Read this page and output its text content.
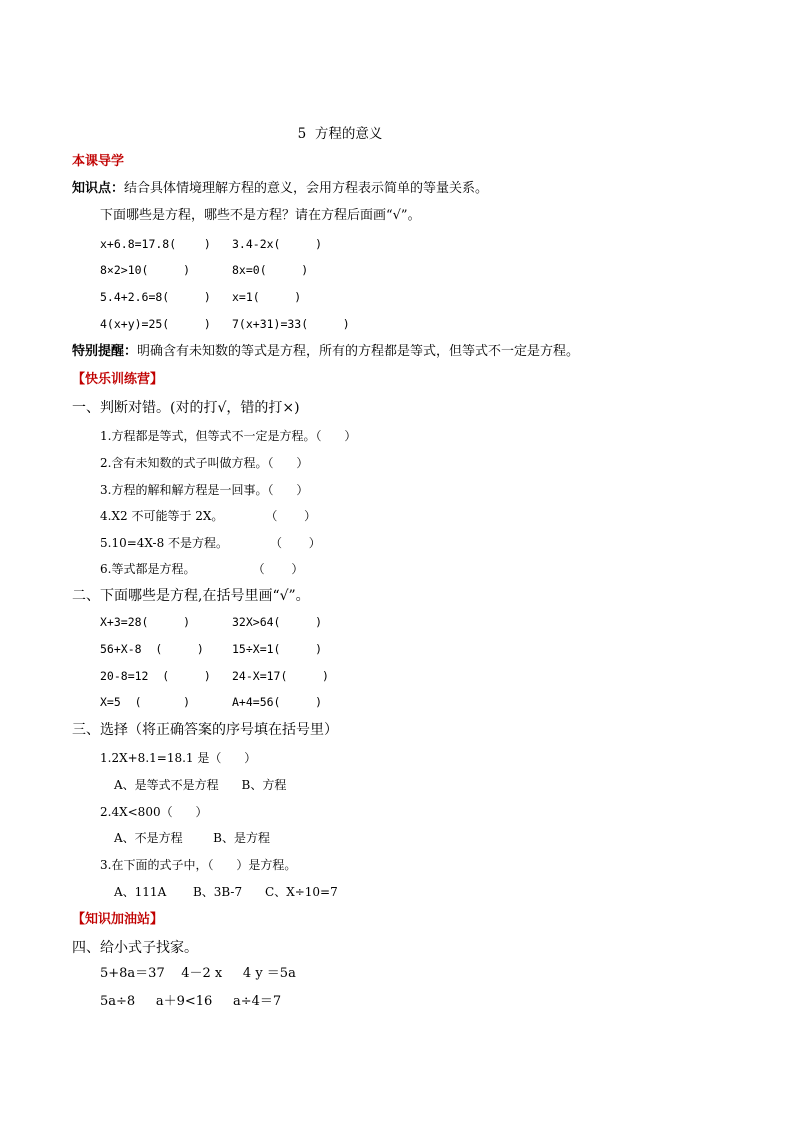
5  方程的意义
本课导学
知识点：结合具体情境理解方程的意义，会用方程表示简单的等量关系。
下面哪些是方程，哪些不是方程？请在方程后面画“√”。
x+6.8=17.8(    ) 3.4-2x(     )
8×2>10(     )	8x=0(     )
5.4+2.6=8(     ) x=1(     )
4(x+y)=25(     ) 7(x+31)=33(     )
特别提醒：明确含有未知数的等式是方程，所有的方程都是等式，但等式不一定是方程。
【快乐训练营】
一、判断对错。(对的打√，错的打×)
1.方程都是等式，但等式不一定是方程。（      ）
2.含有未知数的式子叫做方程。（      ）
3.方程的解和解方程是一回事。（      ）
4.X2 不可能等于 2X。           （       ）
5.10=4X-8 不是方程。           （       ）
6.等式都是方程。               （       ）
二、下面哪些是方程,在括号里画“√”。
X+3=28(     )	32X>64(     )
56+X-8  (     ) 15÷X=1(     )
20-8=12  (     ) 24-X=17(     )
X=5  (      )	A+4=56(     )
三、选择（将正确答案的序号填在括号里）
1.2X+8.1=18.1 是（      ）
A、是等式不是方程      B、方程
2.4X<800（      ）
A、不是方程        B、是方程
3.在下面的式子中，（      ）是方程。
A、111A       B、3B-7      C、X÷10=7
【知识加油站】
四、给小式子找家。
5+8a＝37    4－2 x     4 y ＝5a
5a÷8     a＋9<16     a÷4＝7
